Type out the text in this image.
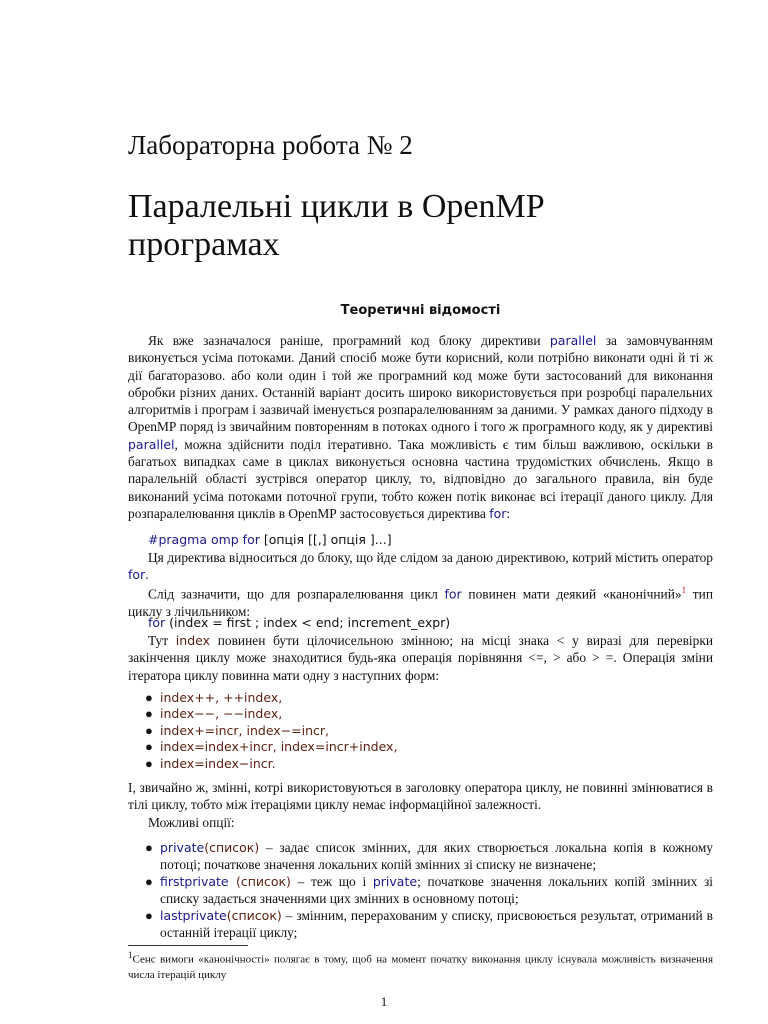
Лабораторна робота № 2
Паралельні цикли в OpenMP програмах
Теоретичні відомості
Як вже зазначалося раніше, програмний код блоку директиви parallel за замовчуванням виконується усіма потоками. Даний спосіб може бути корисний, коли потрібно виконати одні й ті ж дії багаторазово. або коли один і той же програмний код може бути застосований для виконання обробки різних даних. Останній варіант досить широко використовується при розробці паралельних алгоритмів і програм і зазвичай іменується розпаралелюванням за даними. У рамках даного підходу в OpenMP поряд із звичайним повторенням в потоках одного і того ж програмного коду, як у директиві parallel, можна здійснити поділ ітеративно. Така можливість є тим більш важливою, оскільки в багатьох випадках саме в циклах виконується основна частина трудомістких обчислень. Якщо в паралельній області зустрівся оператор циклу, то, відповідно до загального правила, він буде виконаний усіма потоками поточної групи, тобто кожен потік виконає всі ітерації даного циклу. Для розпаралелювання циклів в OpenMP застосовується директива for:
#pragma omp for [опція [[,] опція ]...]
Ця директива відноситься до блоку, що йде слідом за даною директивою, котрий містить оператор for.
Слід зазначити, що для розпаралелювання цикл for повинен мати деякий «канонічний»$^1$ тип циклу з лічильником:
for (index = first ; index < end; increment_expr)
Тут index повинен бути цілочисельною змінною; на місці знака < у виразі для перевірки закінчення циклу може знаходитися будь-яка операція порівняння <=, > або > =. Операція зміни ітератора циклу повинна мати одну з наступних форм:
● index++, ++index,
● index−−, −−index,
● index+=incr, index−=incr,
● index=index+incr, index=incr+index,
● index=index−incr.
І, звичайно ж, змінні, котрі використовуються в заголовку оператора циклу, не повинні змінюватися в тілі циклу, тобто між ітераціями циклу немає інформаційної залежності.
Можливі опції:
● private(список) – задає список змінних, для яких створюється локальна копія в кожному потоці; початкове значення локальних копій змінних зі списку не визначене;
● firstprivate (список) – теж що і private; початкове значення локальних копій змінних зі списку задається значеннями цих змінних в основному потоці;
● lastprivate(список) – змінним, перерахованим у списку, присвоюється результат, отриманий в останній ітерації циклу;
$^1$Сенс вимоги «канонічності» полягає в тому, щоб на момент початку виконання циклу існувала можливість визначення числа ітерацій циклу
1
